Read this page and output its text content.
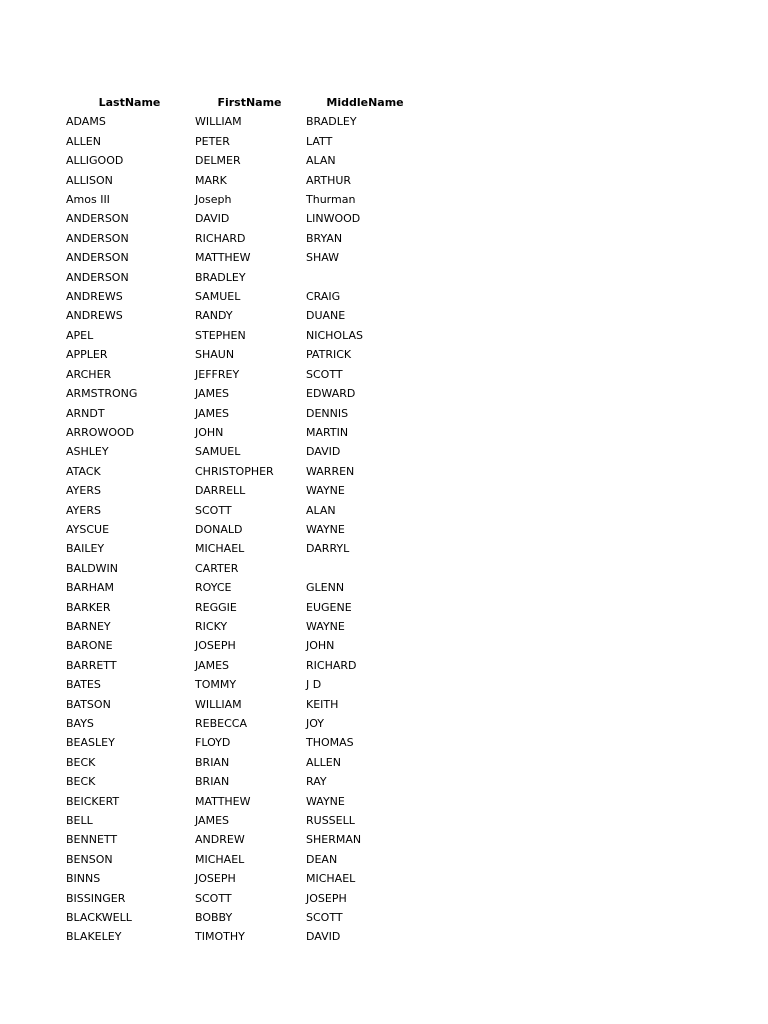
	LastName	FirstName	MiddleName
	ADAMS	WILLIAM	BRADLEY
	ALLEN	PETER	LATT
	ALLIGOOD	DELMER	ALAN
	ALLISON	MARK	ARTHUR
	Amos III	Joseph	Thurman
	ANDERSON	DAVID	LINWOOD
	ANDERSON	RICHARD	BRYAN
	ANDERSON	MATTHEW	SHAW
	ANDERSON	BRADLEY	
	ANDREWS	SAMUEL	CRAIG
	ANDREWS	RANDY	DUANE
	APEL	STEPHEN	NICHOLAS
	APPLER	SHAUN	PATRICK
	ARCHER	JEFFREY	SCOTT
	ARMSTRONG	JAMES	EDWARD
	ARNDT	JAMES	DENNIS
	ARROWOOD	JOHN	MARTIN
	ASHLEY	SAMUEL	DAVID
	ATACK	CHRISTOPHER	WARREN
	AYERS	DARRELL	WAYNE
	AYERS	SCOTT	ALAN
	AYSCUE	DONALD	WAYNE
	BAILEY	MICHAEL	DARRYL
	BALDWIN	CARTER	
	BARHAM	ROYCE	GLENN
	BARKER	REGGIE	EUGENE
	BARNEY	RICKY	WAYNE
	BARONE	JOSEPH	JOHN
	BARRETT	JAMES	RICHARD
	BATES	TOMMY	J D
	BATSON	WILLIAM	KEITH
	BAYS	REBECCA	JOY
	BEASLEY	FLOYD	THOMAS
	BECK	BRIAN	ALLEN
	BECK	BRIAN	RAY
	BEICKERT	MATTHEW	WAYNE
	BELL	JAMES	RUSSELL
	BENNETT	ANDREW	SHERMAN
	BENSON	MICHAEL	DEAN
	BINNS	JOSEPH	MICHAEL
	BISSINGER	SCOTT	JOSEPH
	BLACKWELL	BOBBY	SCOTT
	BLAKELEY	TIMOTHY	DAVID
